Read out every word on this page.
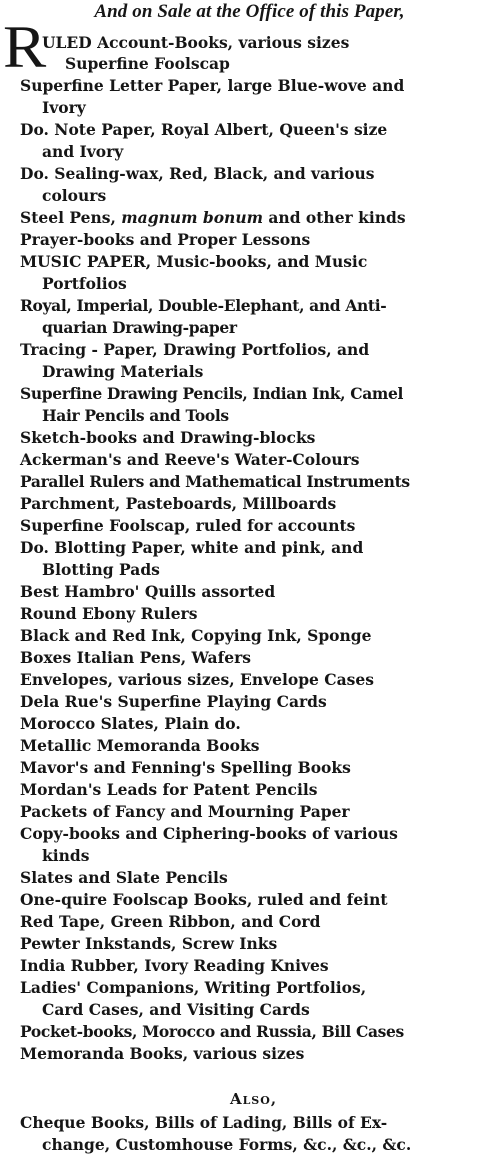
And on Sale at the Office of this Paper,
R
ULED Account-Books, various sizes
Superfine Foolscap
Superfine Letter Paper, large Blue-wove and
Ivory
Do. Note Paper, Royal Albert, Queen's size
and Ivory
Do. Sealing-wax, Red, Black, and various
colours
Steel Pens, magnum bonum and other kinds
Prayer-books and Proper Lessons
MUSIC PAPER, Music-books, and Music
Portfolios
Royal, Imperial, Double-Elephant, and Anti-
quarian Drawing-paper
Tracing - Paper, Drawing Portfolios, and
Drawing Materials
Superfine Drawing Pencils, Indian Ink, Camel
Hair Pencils and Tools
Sketch-books and Drawing-blocks
Ackerman's and Reeve's Water-Colours
Parallel Rulers and Mathematical Instruments
Parchment, Pasteboards, Millboards
Superfine Foolscap, ruled for accounts
Do. Blotting Paper, white and pink, and
Blotting Pads
Best Hambro' Quills assorted
Round Ebony Rulers
Black and Red Ink, Copying Ink, Sponge
Boxes Italian Pens, Wafers
Envelopes, various sizes, Envelope Cases
Dela Rue's Superfine Playing Cards
Morocco Slates, Plain do.
Metallic Memoranda Books
Mavor's and Fenning's Spelling Books
Mordan's Leads for Patent Pencils
Packets of Fancy and Mourning Paper
Copy-books and Ciphering-books of various
kinds
Slates and Slate Pencils
One-quire Foolscap Books, ruled and feint
Red Tape, Green Ribbon, and Cord
Pewter Inkstands, Screw Inks
India Rubber, Ivory Reading Knives
Ladies' Companions, Writing Portfolios,
Card Cases, and Visiting Cards
Pocket-books, Morocco and Russia, Bill Cases
Memoranda Books, various sizes
Also,
Cheque Books, Bills of Lading, Bills of Ex-
change, Customhouse Forms, &c., &c., &c.
